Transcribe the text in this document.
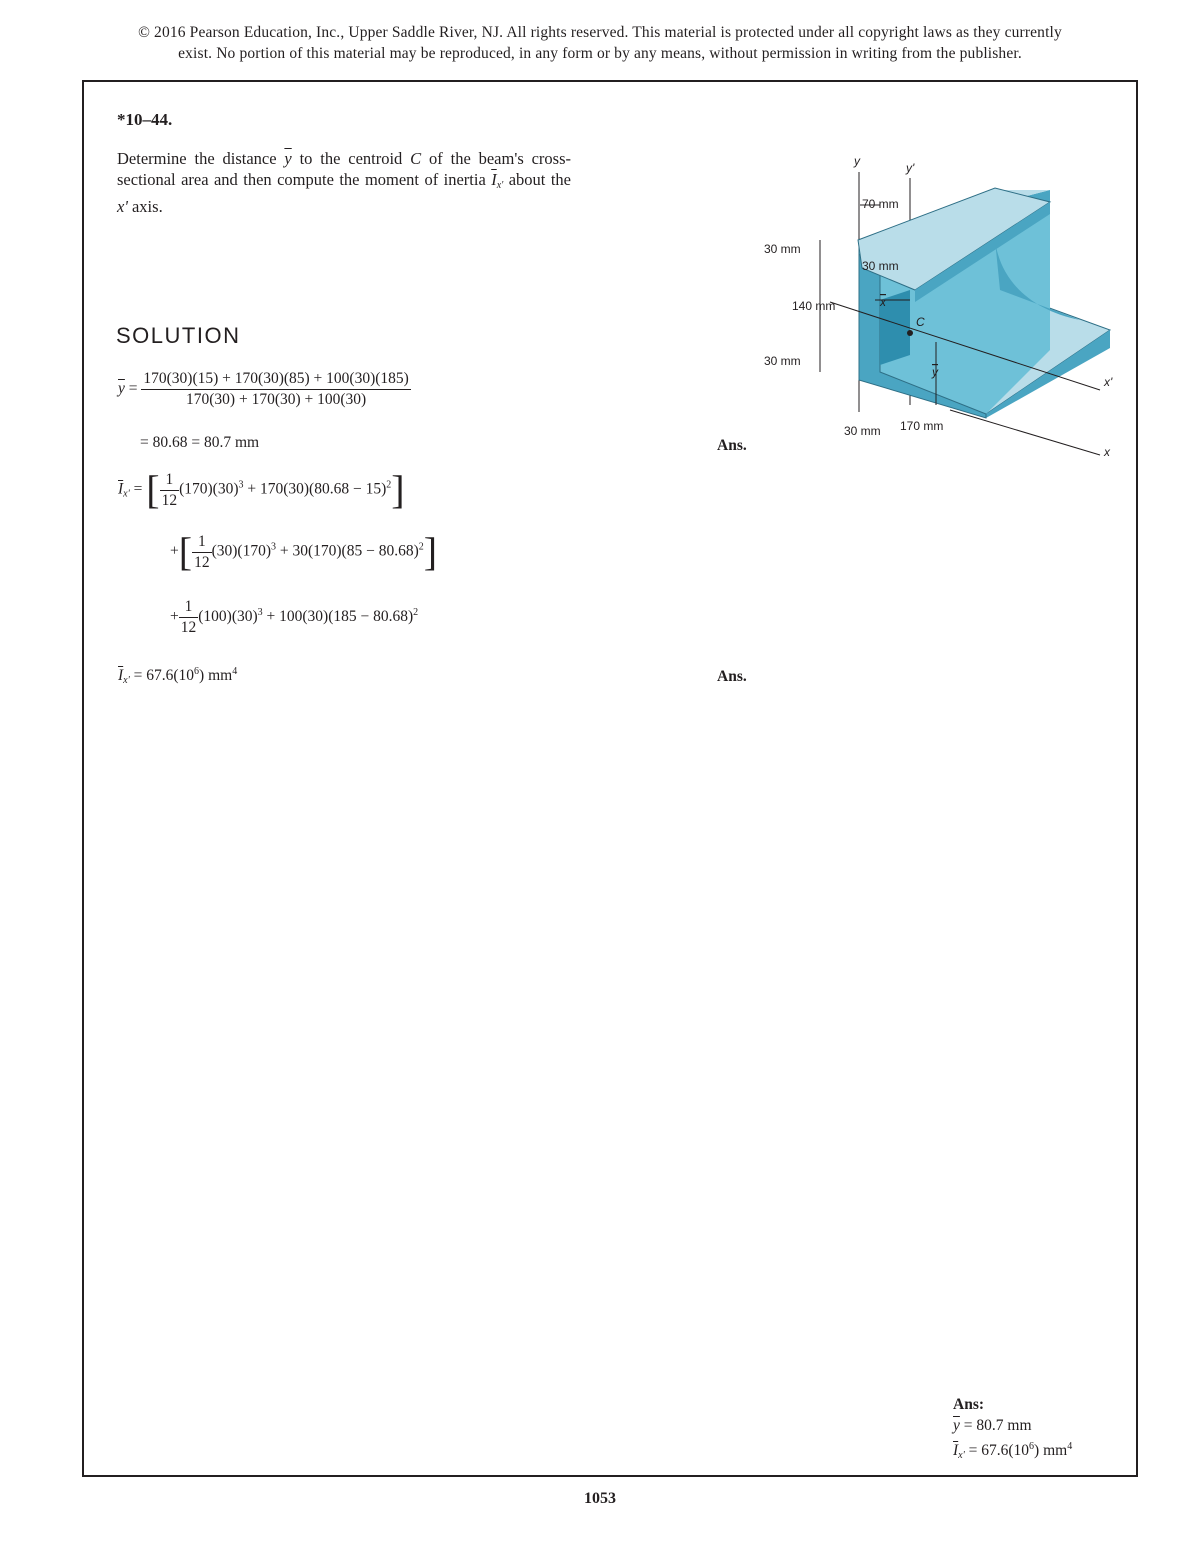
© 2016 Pearson Education, Inc., Upper Saddle River, NJ. All rights reserved. This material is protected under all copyright laws as they currently
exist. No portion of this material may be reproduced, in any form or by any means, without permission in writing from the publisher.
*10–44.
Determine the distance $\overline{y}$ to the centroid C of the beam's cross-sectional area and then compute the moment of inertia $\overline{I}_{x'}$ about the x' axis.
C
x'
x
y	y'
30 mm
70 mm
30 mm
140 mm
30 mm
30 mm 170 mm
x
y
SOLUTION
$\overline{y} = \frac{170(30)(15) + 170(30)(85) + 100(30)(185)}{170(30) + 170(30) + 100(30)}$
= 80.68 = 80.7 mm	Ans.
$\overline{I}_{x'}$ = [ $\frac{1}{12} (170)(30)^3 + 170(30)(80.68 - 15)^2$]
+[ $\frac{1}{12} (30)(170)^3 + 30(170)(85 - 80.68)^2$]
+ $\frac{1}{12} (100)(30)^3 + 100(30)(185 - 80.68)^2$
$\overline{I}_{x'} = 67.6(10^6)$ $mm^4$	Ans.
Ans:
$\overline{y} = 80.7$ mm
$\overline{I}_{x'} = 67.6(10^6)$ $mm^4$
1053
